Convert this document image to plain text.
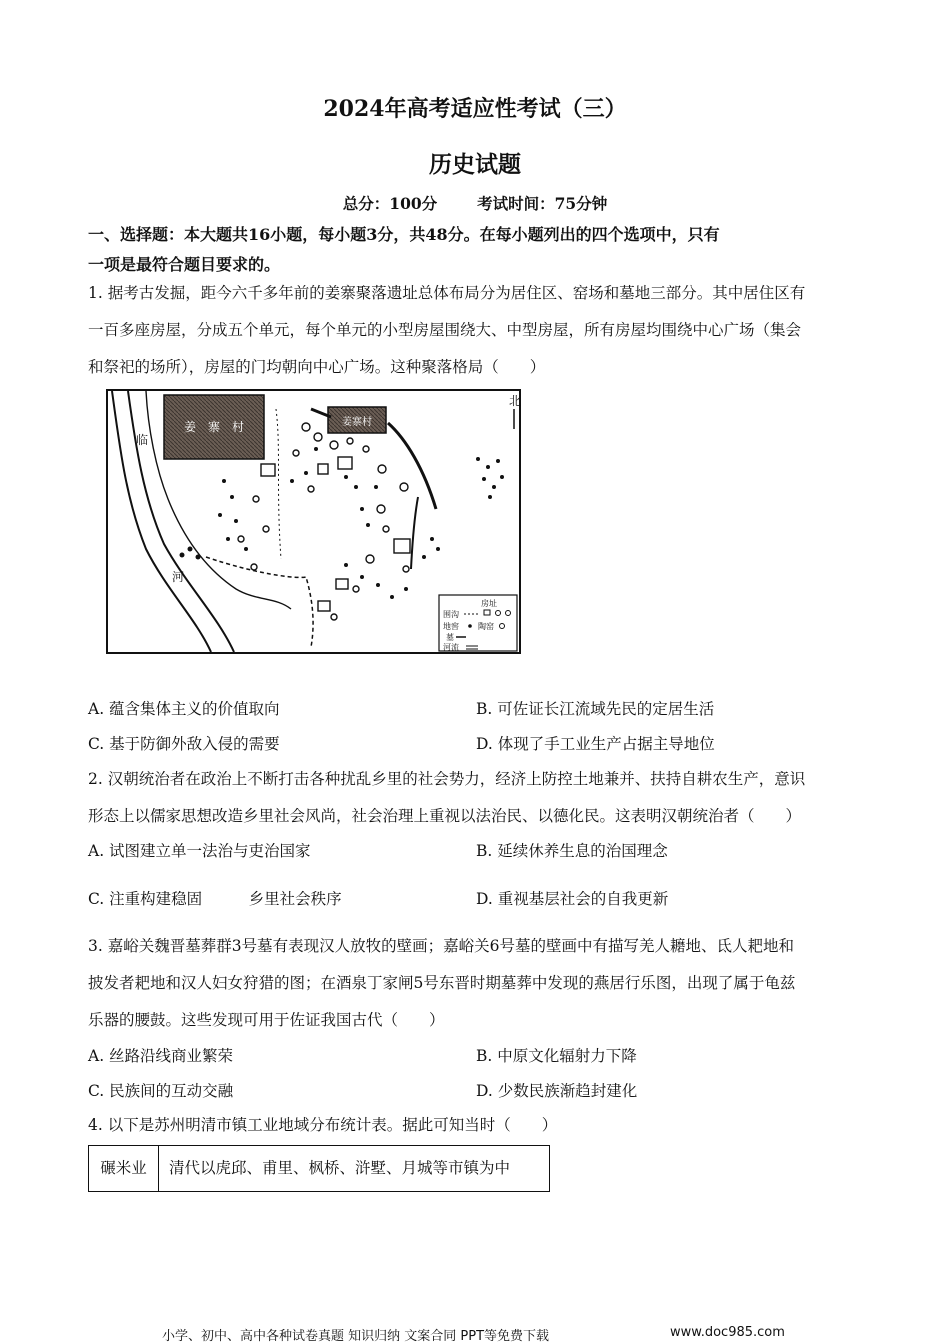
2024年高考适应性考试（三）
历史试题
总分：100分	考试时间：75分钟
一、选择题：本大题共16小题，每小题3分，共48分。在每小题列出的四个选项中，只有
一项是最符合题目要求的。
1. 据考古发掘，距今六千多年前的姜寨聚落遗址总体布局分为居住区、窑场和墓地三部分。其中居住区有
一百多座房屋，分成五个单元，每个单元的小型房屋围绕大、中型房屋，所有房屋均围绕中心广场（集会
和祭祀的场所），房屋的门均朝向中心广场。这种聚落格局（　　）
临
河
姜　寨　村	姜寨村
北
房址
围沟
地窖 陶窑
墓
河流
A. 蕴含集体主义的价值取向	B. 可佐证长江流域先民的定居生活
C. 基于防御外敌入侵的需要	D. 体现了手工业生产占据主导地位
2. 汉朝统治者在政治上不断打击各种扰乱乡里的社会势力，经济上防控土地兼并、扶持自耕农生产，意识
形态上以儒家思想改造乡里社会风尚，社会治理上重视以法治民、以德化民。这表明汉朝统治者（　　）
A. 试图建立单一法治与吏治国家	B. 延续休养生息的治国理念
C. 注重构建稳固　　　乡里社会秩序	D. 重视基层社会的自我更新
3. 嘉峪关魏晋墓葬群3号墓有表现汉人放牧的壁画；嘉峪关6号墓的壁画中有描写羌人耱地、氐人耙地和
披发者耙地和汉人妇女狩猎的图；在酒泉丁家闸5号东晋时期墓葬中发现的燕居行乐图，出现了属于龟兹
乐器的腰鼓。这些发现可用于佐证我国古代（　　）
A. 丝路沿线商业繁荣	B. 中原文化辐射力下降
C. 民族间的互动交融	D. 少数民族渐趋封建化
4. 以下是苏州明清市镇工业地域分布统计表。据此可知当时（　　）
碾米业	清代以虎邱、甫里、枫桥、浒墅、月城等市镇为中
小学、初中、高中各种试卷真题 知识归纳 文案合同 PPT等免费下载	www.doc985.com
